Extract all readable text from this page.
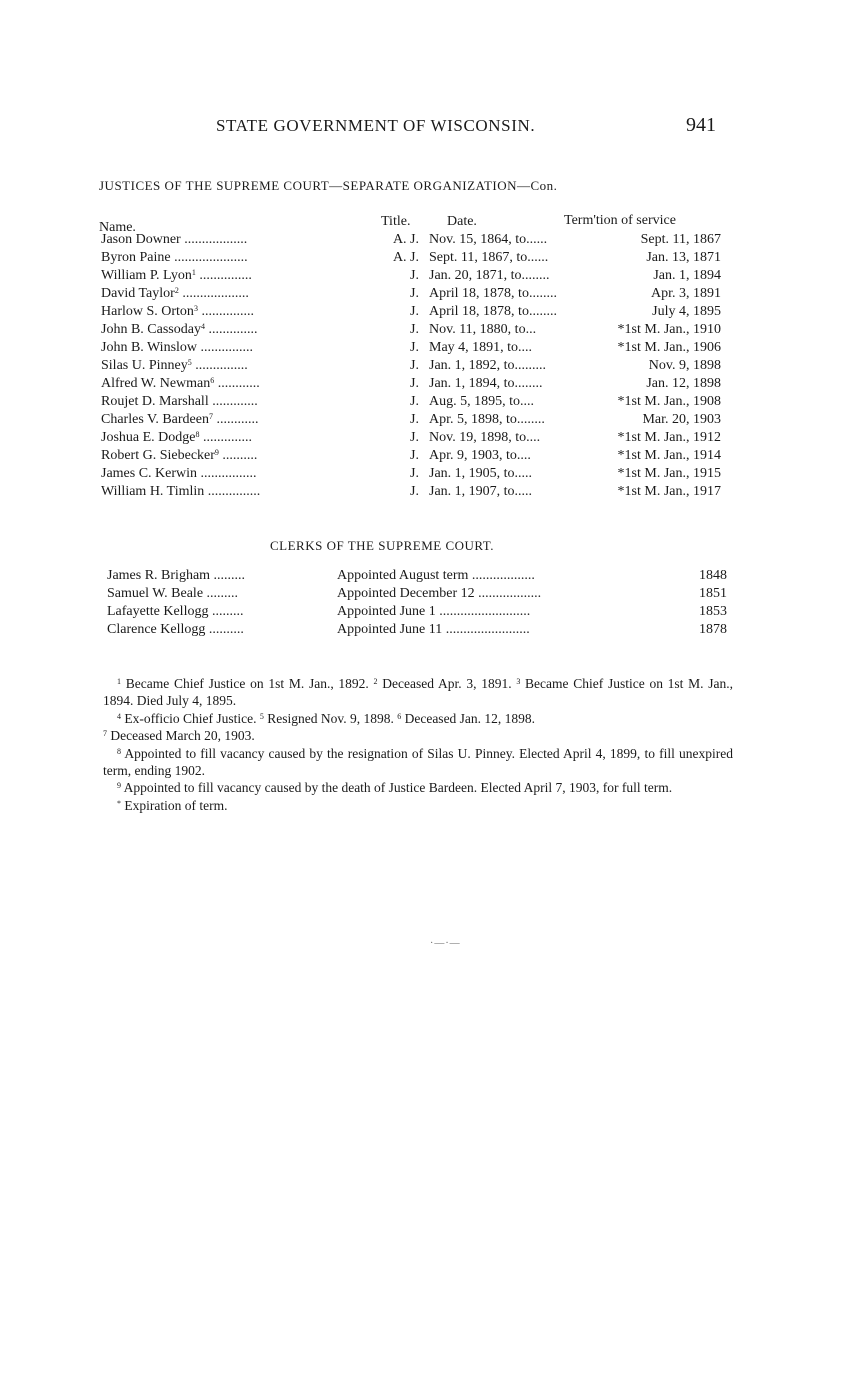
STATE GOVERNMENT OF WISCONSIN.	941
JUSTICES OF THE SUPREME COURT—SEPARATE ORGANIZATION—Con.
Name.	Title.	Date.	Term'tion of service
Jason Downer ..................	A. J. Nov. 15, 1864, to......	Sept. 11, 1867
Byron Paine .....................	A. J. Sept. 11, 1867, to......	Jan. 13, 1871
William P. Lyon$^1$ ...............	J. Jan. 20, 1871, to........	Jan. 1, 1894
David Taylor$^2$ ...................	J. April 18, 1878, to........	Apr. 3, 1891
Harlow S. Orton$^3$ ...............	J. April 18, 1878, to........	July 4, 1895
John B. Cassoday$^4$ ..............	J. Nov. 11, 1880, to...	*1st M. Jan., 1910
John B. Winslow ...............	J. May 4, 1891, to....	*1st M. Jan., 1906
Silas U. Pinney$^5$ ...............	J. Jan. 1, 1892, to.........	Nov. 9, 1898
Alfred W. Newman$^6$ ............	J. Jan. 1, 1894, to........	Jan. 12, 1898
Roujet D. Marshall .............	J. Aug. 5, 1895, to....	*1st M. Jan., 1908
Charles V. Bardeen$^7$ ............	J. Apr. 5, 1898, to........	Mar. 20, 1903
Joshua E. Dodge$^8$ ..............	J. Nov. 19, 1898, to....	*1st M. Jan., 1912
Robert G. Siebecker$^9$ ..........	J. Apr. 9, 1903, to....	*1st M. Jan., 1914
James C. Kerwin ................	J. Jan. 1, 1905, to.....	*1st M. Jan., 1915
William H. Timlin ...............	J. Jan. 1, 1907, to.....	*1st M. Jan., 1917
CLERKS OF THE SUPREME COURT.
James R. Brigham .........	Appointed August term ..................	1848
Samuel W. Beale .........	Appointed December 12 ..................	1851
Lafayette Kellogg .........	Appointed June 1 ..........................	1853
Clarence Kellogg ..........	Appointed June 11 ........................	1878

$^1$ Became Chief Justice on 1st M. Jan., 1892. $^2$ Deceased Apr. 3, 1891. $^3$ Became Chief Justice on 1st M. Jan., 1894. Died July 4, 1895.

$^4$ Ex-officio Chief Justice. $^5$ Resigned Nov. 9, 1898. $^6$ Deceased Jan. 12, 1898.

$^7$ Deceased March 20, 1903.

$^8$ Appointed to fill vacancy caused by the resignation of Silas U. Pinney. Elected April 4, 1899, to fill unexpired term, ending 1902.

$^9$ Appointed to fill vacancy caused by the death of Justice Bardeen. Elected April 7, 1903, for full term.

* Expiration of term.

·—·—
